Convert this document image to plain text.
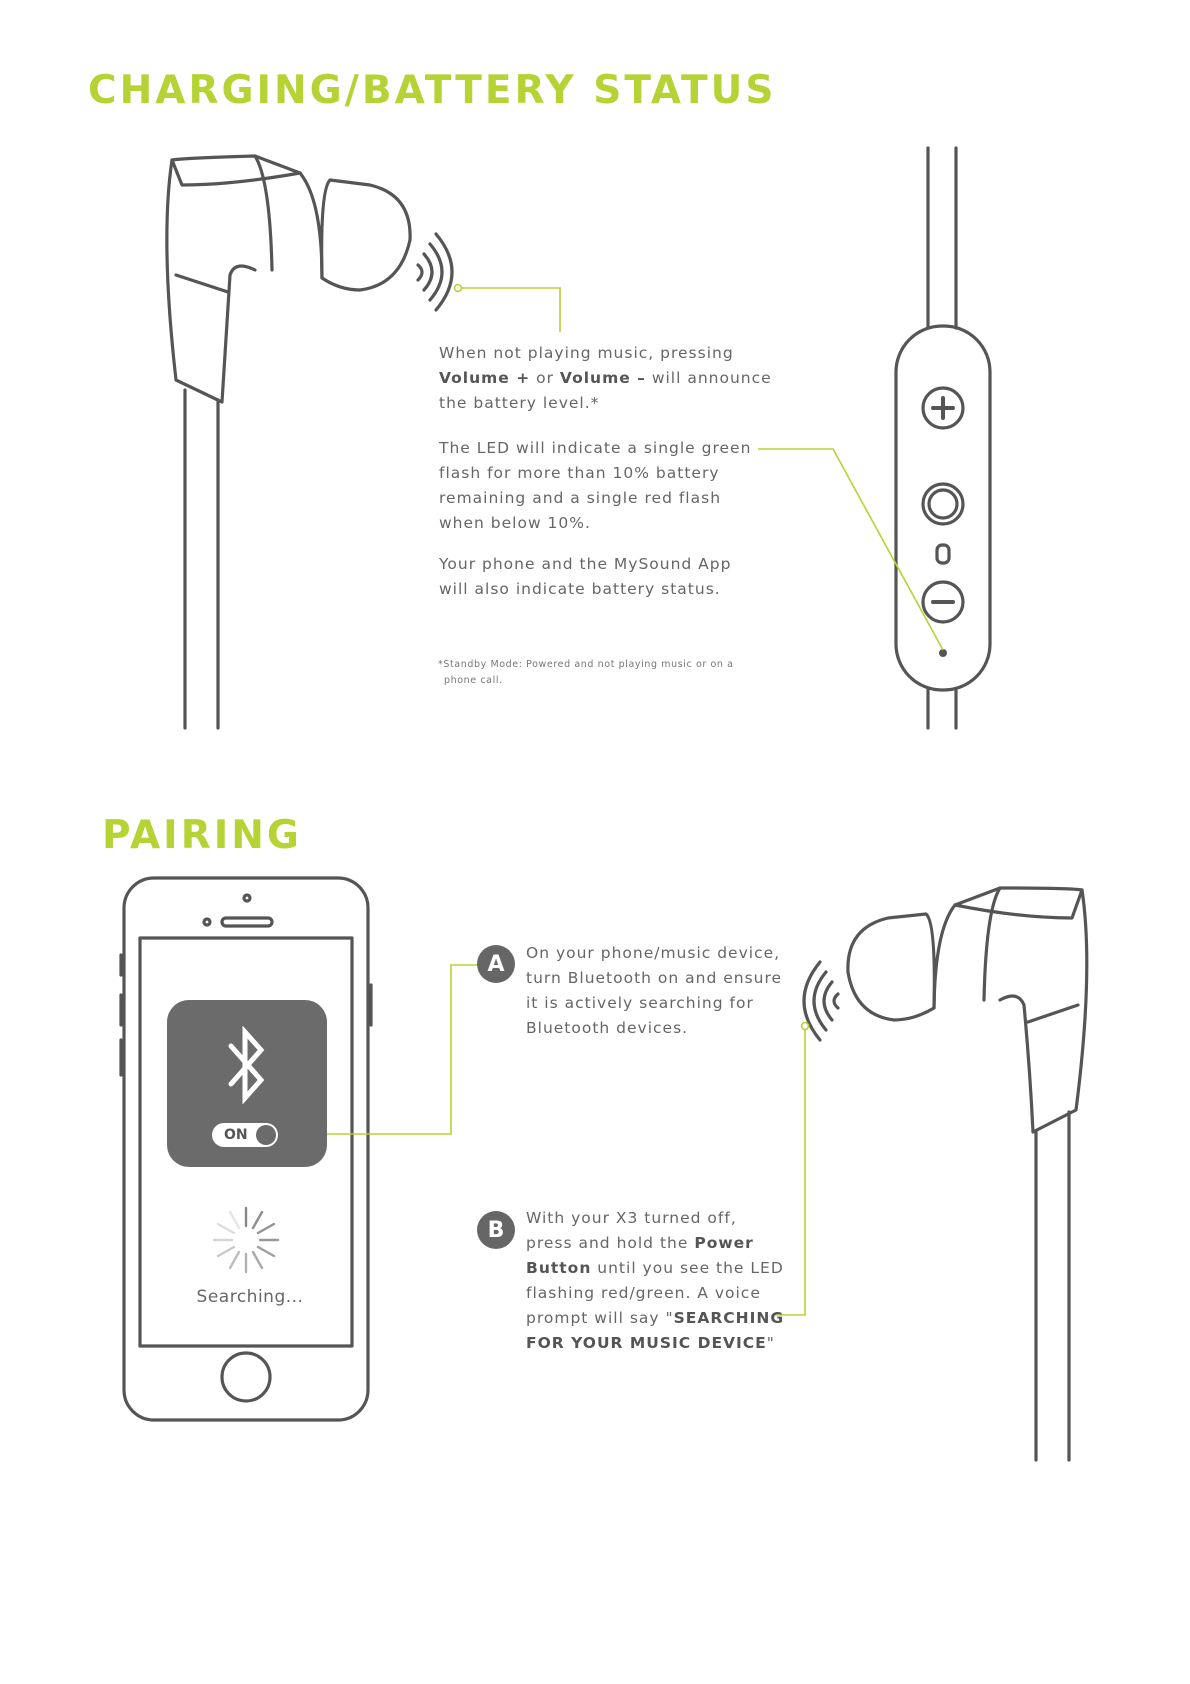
CHARGING/BATTERY STATUS
When not playing music, pressing
Volume + or Volume – will announce
the battery level.*
The LED will indicate a single green
flash for more than 10% battery
remaining and a single red flash
when below 10%.
Your phone and the MySound App
will also indicate battery status.
*Standby Mode: Powered and not playing music or on a
phone call.
PAIRING
ON
Searching...
A	On your phone/music device,
turn Bluetooth on and ensure
it is actively searching for
Bluetooth devices.
B	With your X3 turned off,
press and hold the Power
Button until you see the LED
flashing red/green. A voice
prompt will say "SEARCHING
FOR YOUR MUSIC DEVICE"
